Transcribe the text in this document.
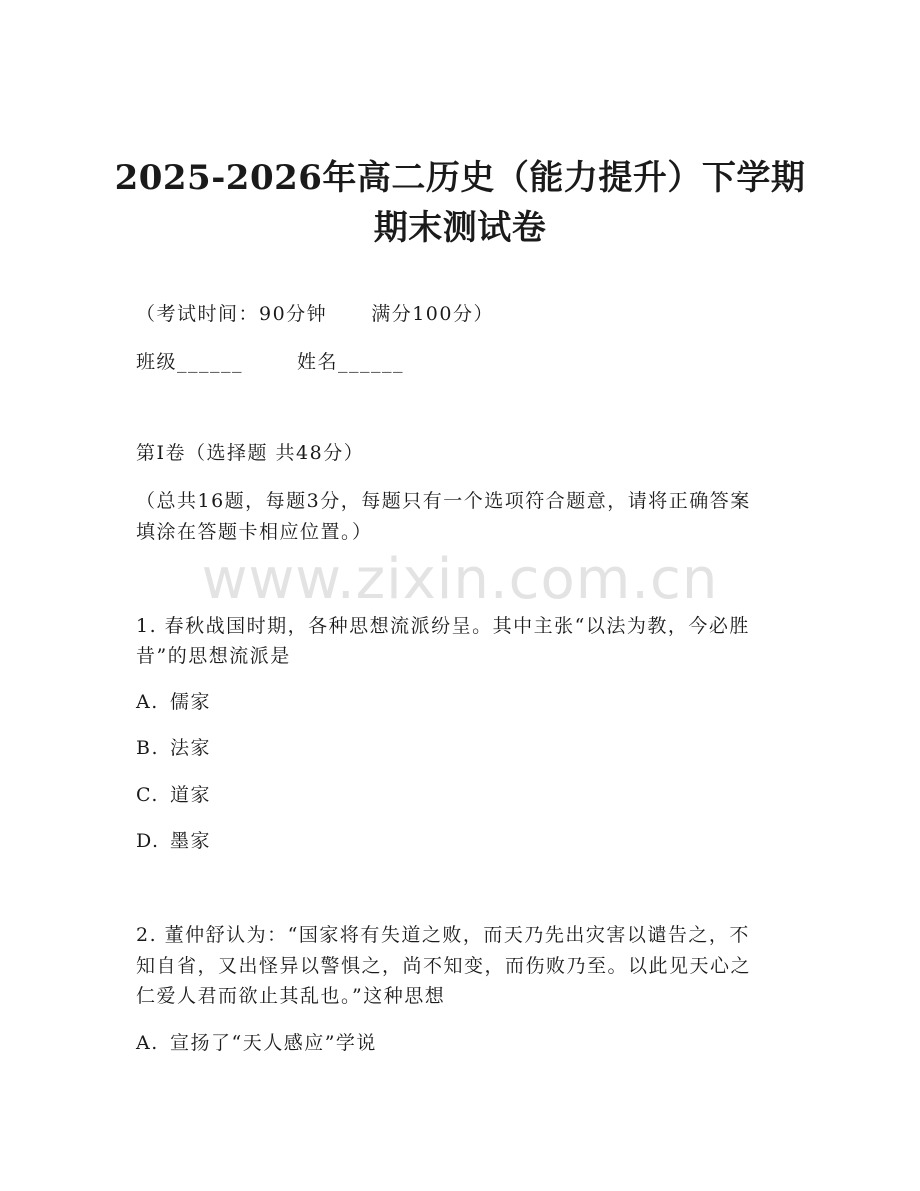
2025-2026年高二历史（能力提升）下学期
期末测试卷
（考试时间：90分钟 满分100分）
班级______	姓名______
第I卷（选择题 共48分）
（总共16题，每题3分，每题只有一个选项符合题意，请将正确答案
填涂在答题卡相应位置。）
www.zixin.com.cn
1. 春秋战国时期，各种思想流派纷呈。其中主张“以法为教，今必胜
昔”的思想流派是
A. 儒家
B. 法家
C. 道家
D. 墨家
2. 董仲舒认为：“国家将有失道之败，而天乃先出灾害以谴告之，不
知自省，又出怪异以警惧之，尚不知变，而伤败乃至。以此见天心之
仁爱人君而欲止其乱也。”这种思想
A. 宣扬了“天人感应”学说
